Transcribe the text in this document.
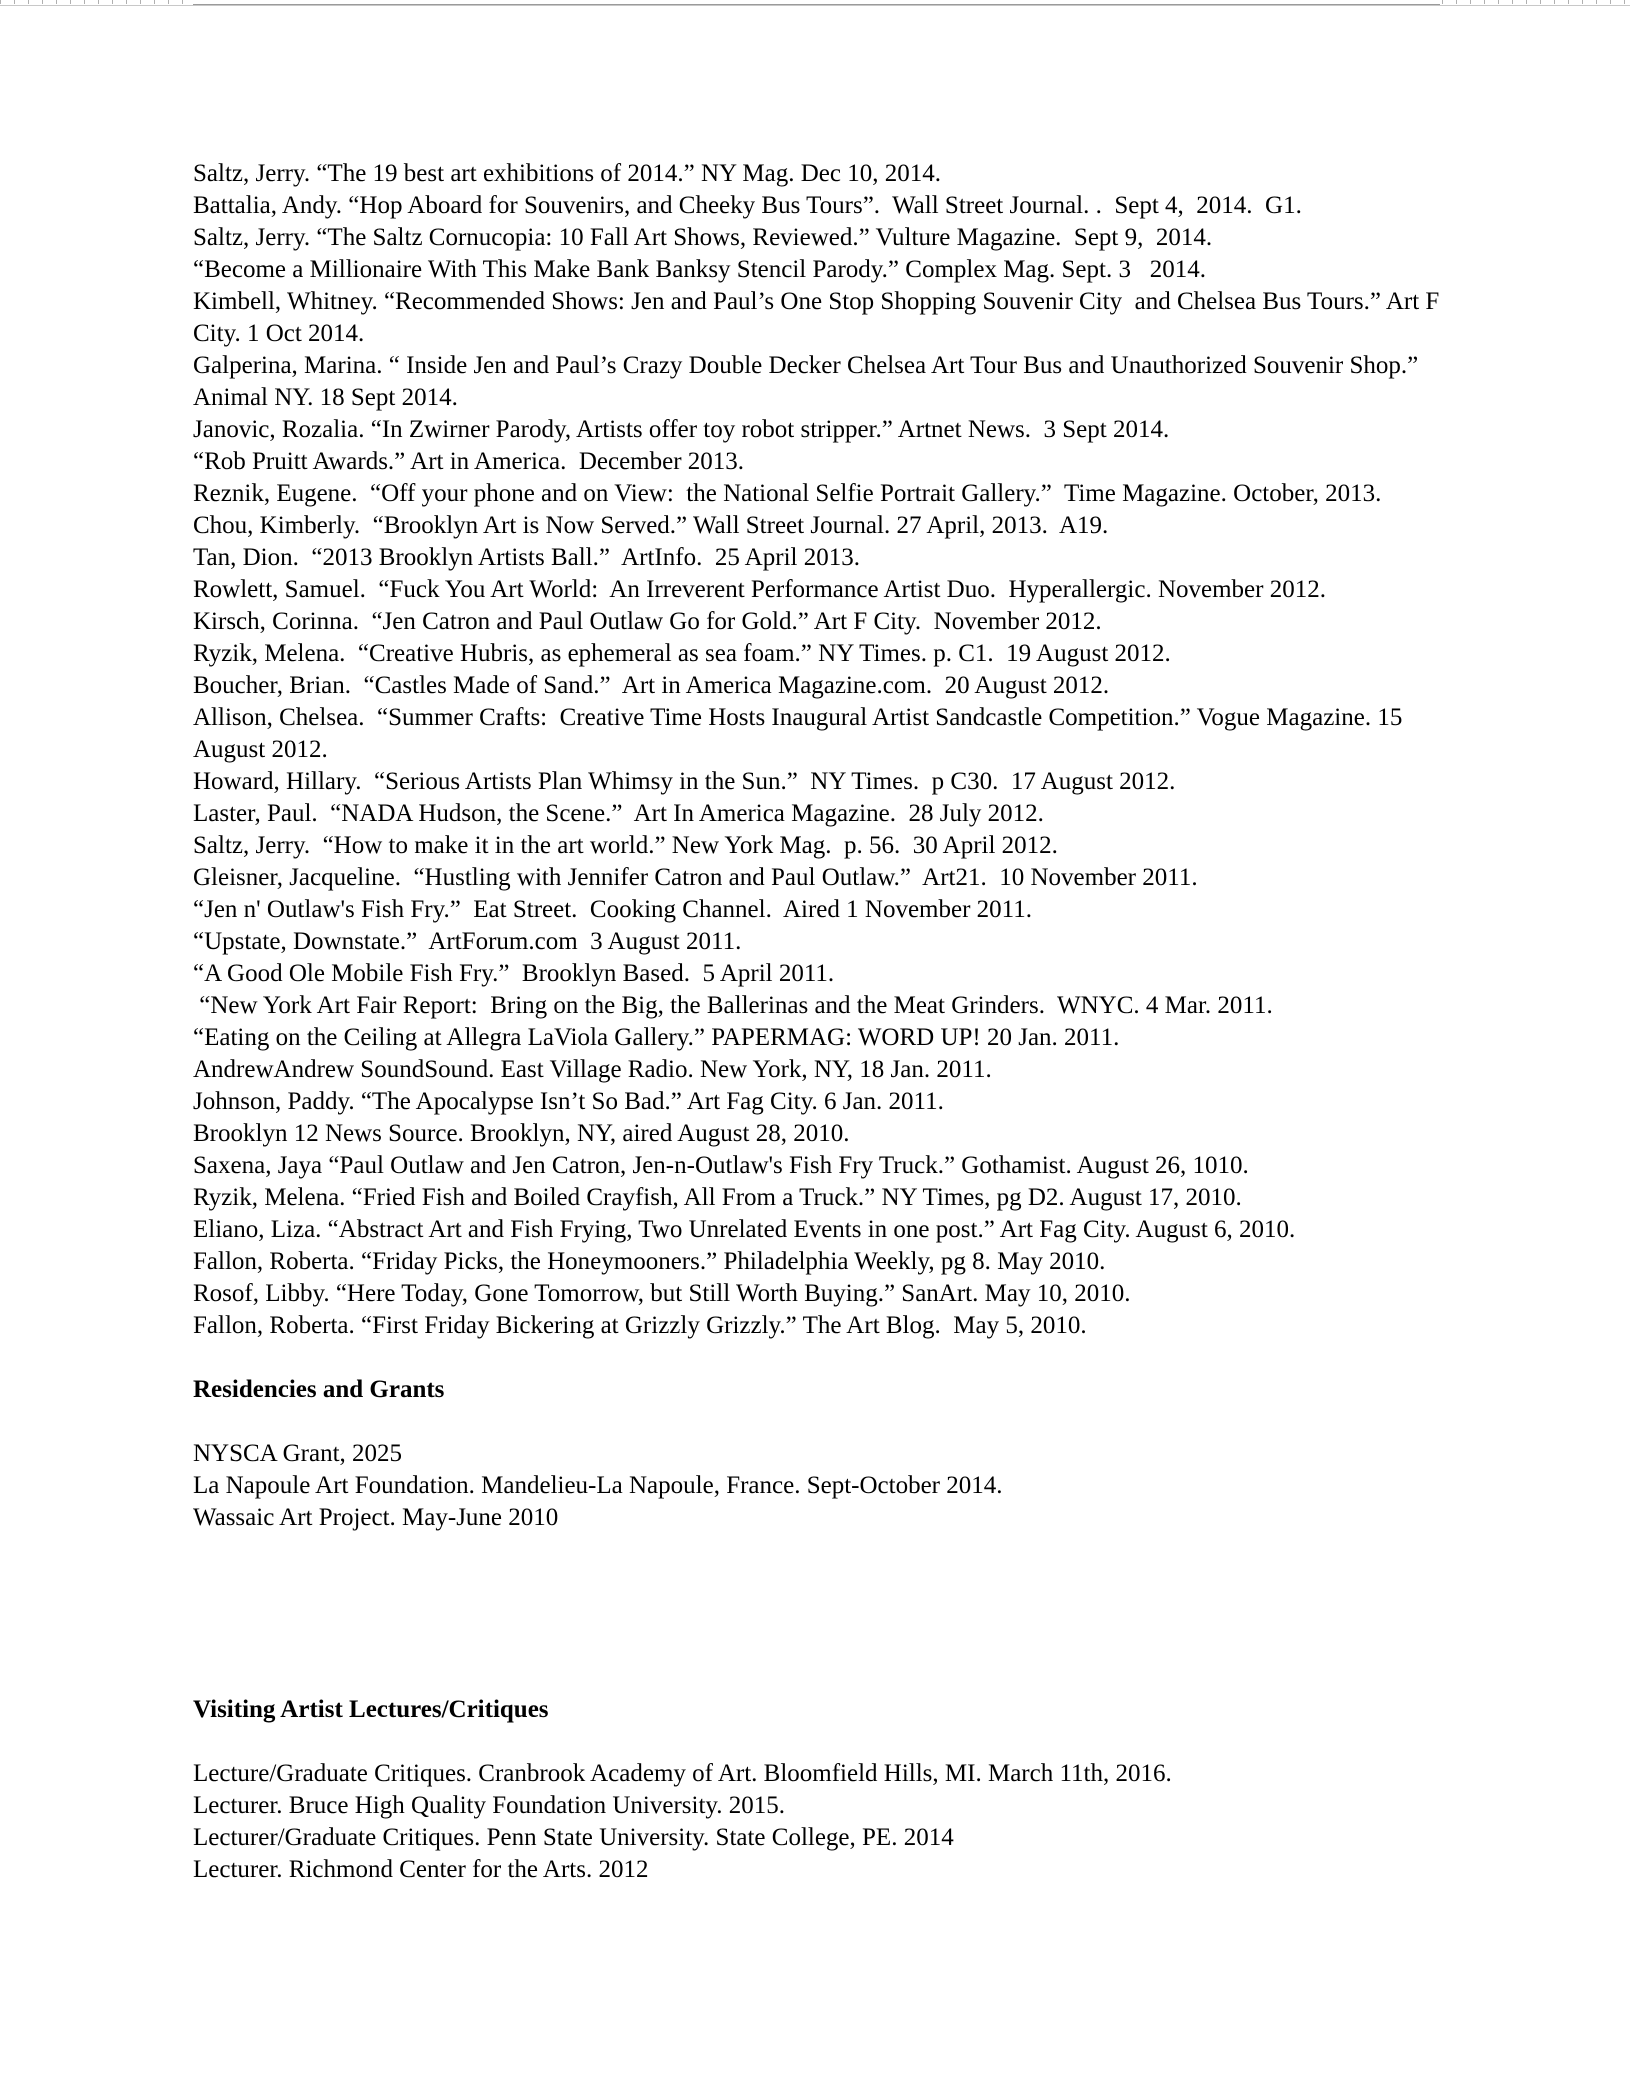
Saltz, Jerry. “The 19 best art exhibitions of 2014.” NY Mag. Dec 10, 2014.

Battalia, Andy. “Hop Aboard for Souvenirs, and Cheeky Bus Tours”.  Wall Street Journal. .  Sept 4,  2014.  G1.

Saltz, Jerry. “The Saltz Cornucopia: 10 Fall Art Shows, Reviewed.” Vulture Magazine.  Sept 9,  2014.

“Become a Millionaire With This Make Bank Banksy Stencil Parody.” Complex Mag. Sept. 3   2014.

Kimbell, Whitney. “Recommended Shows: Jen and Paul’s One Stop Shopping Souvenir City  and Chelsea Bus Tours.” Art F City. 1 Oct 2014.

Galperina, Marina. “ Inside Jen and Paul’s Crazy Double Decker Chelsea Art Tour Bus and Unauthorized Souvenir Shop.” Animal NY. 18 Sept 2014.

Janovic, Rozalia. “In Zwirner Parody, Artists offer toy robot stripper.” Artnet News.  3 Sept 2014.

“Rob Pruitt Awards.” Art in America.  December 2013.

Reznik, Eugene.  “Off your phone and on View:  the National Selfie Portrait Gallery.”  Time Magazine. October, 2013.

Chou, Kimberly.  “Brooklyn Art is Now Served.” Wall Street Journal. 27 April, 2013.  A19.

Tan, Dion.  “2013 Brooklyn Artists Ball.”  ArtInfo.  25 April 2013.

Rowlett, Samuel.  “Fuck You Art World:  An Irreverent Performance Artist Duo.  Hyperallergic. November 2012.

Kirsch, Corinna.  “Jen Catron and Paul Outlaw Go for Gold.” Art F City.  November 2012.

Ryzik, Melena.  “Creative Hubris, as ephemeral as sea foam.” NY Times. p. C1.  19 August 2012.

Boucher, Brian.  “Castles Made of Sand.”  Art in America Magazine.com.  20 August 2012.

Allison, Chelsea.  “Summer Crafts:  Creative Time Hosts Inaugural Artist Sandcastle Competition.” Vogue Magazine. 15 August 2012.

Howard, Hillary.  “Serious Artists Plan Whimsy in the Sun.”  NY Times.  p C30.  17 August 2012.

Laster, Paul.  “NADA Hudson, the Scene.”  Art In America Magazine.  28 July 2012.

Saltz, Jerry.  “How to make it in the art world.” New York Mag.  p. 56.  30 April 2012.

Gleisner, Jacqueline.  “Hustling with Jennifer Catron and Paul Outlaw.”  Art21.  10 November 2011.

“Jen n' Outlaw's Fish Fry.”  Eat Street.  Cooking Channel.  Aired 1 November 2011.

“Upstate, Downstate.”  ArtForum.com  3 August 2011.

“A Good Ole Mobile Fish Fry.”  Brooklyn Based.  5 April 2011.

“New York Art Fair Report:  Bring on the Big, the Ballerinas and the Meat Grinders.  WNYC. 4 Mar. 2011.

“Eating on the Ceiling at Allegra LaViola Gallery.” PAPERMAG: WORD UP! 20 Jan. 2011.

AndrewAndrew SoundSound. East Village Radio. New York, NY, 18 Jan. 2011.

Johnson, Paddy. “The Apocalypse Isn’t So Bad.” Art Fag City. 6 Jan. 2011.

Brooklyn 12 News Source. Brooklyn, NY, aired August 28, 2010.

Saxena, Jaya “Paul Outlaw and Jen Catron, Jen-n-Outlaw's Fish Fry Truck.” Gothamist. August 26, 1010.

Ryzik, Melena. “Fried Fish and Boiled Crayfish, All From a Truck.” NY Times, pg D2. August 17, 2010.

Eliano, Liza. “Abstract Art and Fish Frying, Two Unrelated Events in one post.” Art Fag City. August 6, 2010.

Fallon, Roberta. “Friday Picks, the Honeymooners.” Philadelphia Weekly, pg 8. May 2010.

Rosof, Libby. “Here Today, Gone Tomorrow, but Still Worth Buying.” SanArt. May 10, 2010.

Fallon, Roberta. “First Friday Bickering at Grizzly Grizzly.” The Art Blog.  May 5, 2010.

Residencies and Grants

NYSCA Grant, 2025

La Napoule Art Foundation. Mandelieu-La Napoule, France. Sept-October 2014.

Wassaic Art Project. May-June 2010

Visiting Artist Lectures/Critiques

Lecture/Graduate Critiques. Cranbrook Academy of Art. Bloomfield Hills, MI. March 11th, 2016.

Lecturer. Bruce High Quality Foundation University. 2015.

Lecturer/Graduate Critiques. Penn State University. State College, PE. 2014

Lecturer. Richmond Center for the Arts. 2012
